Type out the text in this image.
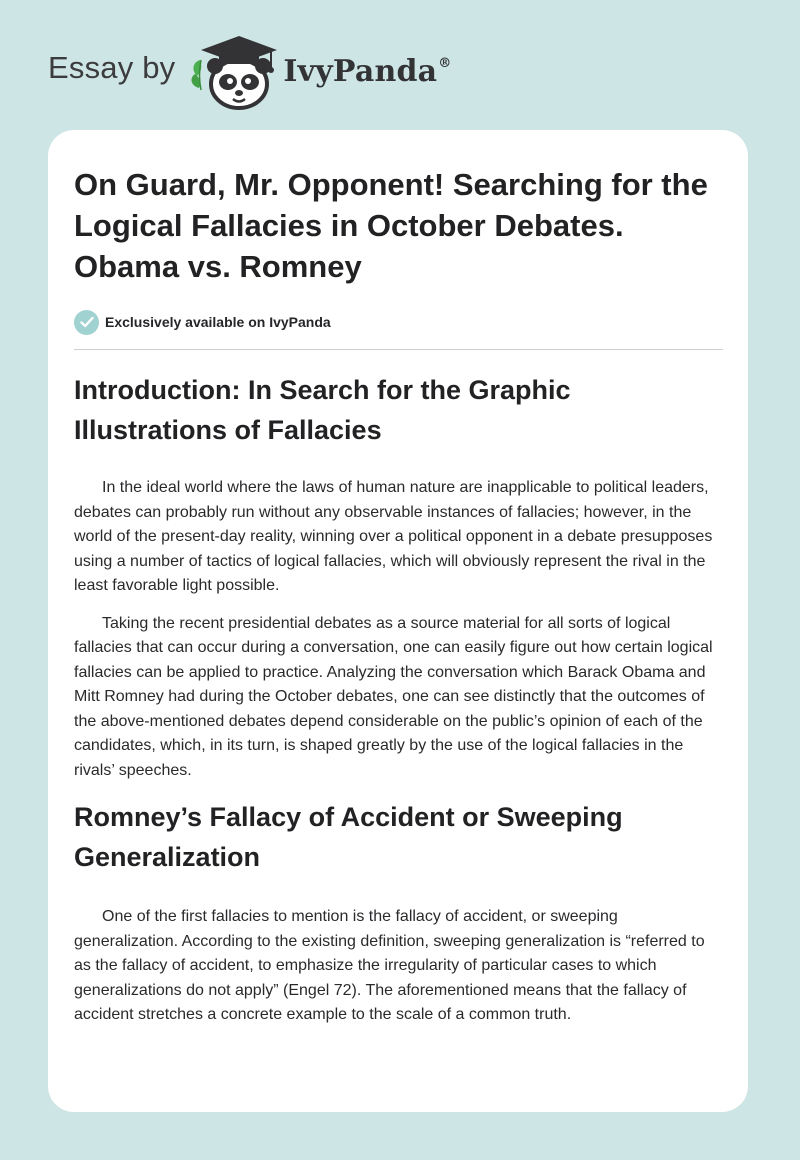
Essay by	IvyPanda®
On Guard, Mr. Opponent! Searching for the Logical Fallacies in October Debates. Obama vs. Romney
Exclusively available on IvyPanda
Introduction: In Search for the Graphic Illustrations of Fallacies

In the ideal world where the laws of human nature are inapplicable to political leaders, debates can probably run without any observable instances of fallacies; however, in the world of the present-day reality, winning over a political opponent in a debate presupposes using a number of tactics of logical fallacies, which will obviously represent the rival in the least favorable light possible.

Taking the recent presidential debates as a source material for all sorts of logical fallacies that can occur during a conversation, one can easily figure out how certain logical fallacies can be applied to practice. Analyzing the conversation which Barack Obama and Mitt Romney had during the October debates, one can see distinctly that the outcomes of the above-mentioned debates depend considerable on the public’s opinion of each of the candidates, which, in its turn, is shaped greatly by the use of the logical fallacies in the rivals’ speeches.

Romney’s Fallacy of Accident or Sweeping Generalization

One of the first fallacies to mention is the fallacy of accident, or sweeping generalization. According to the existing definition, sweeping generalization is “referred to as the fallacy of accident, to emphasize the irregularity of particular cases to which generalizations do not apply” (Engel 72). The aforementioned means that the fallacy of accident stretches a concrete example to the scale of a common truth.
